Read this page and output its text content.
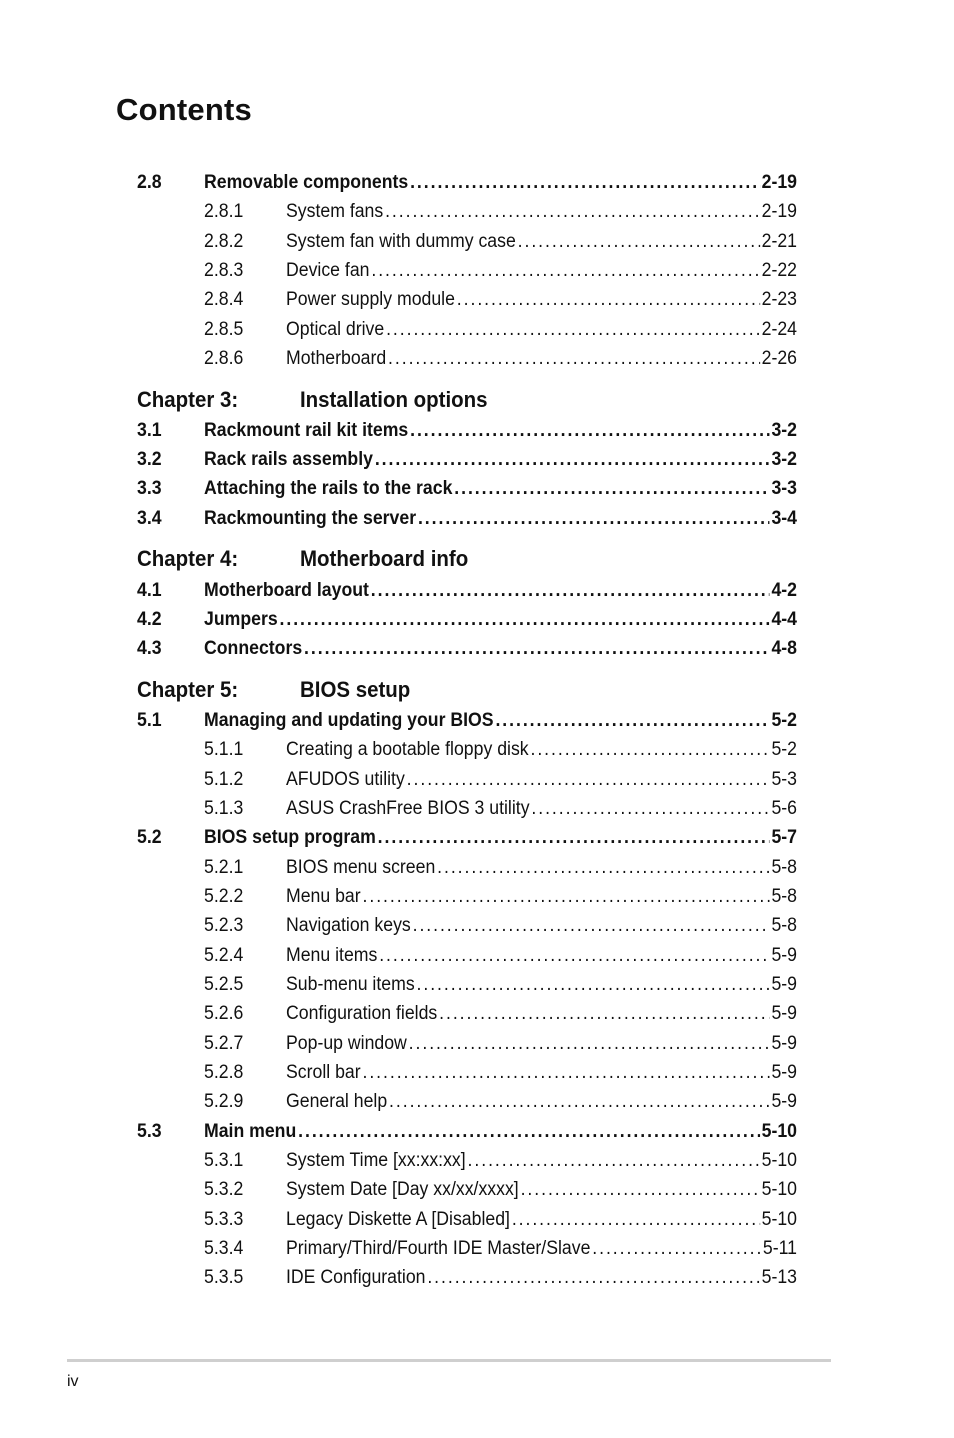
Contents
2.8	Removable components . . .	2-19
2.8.1	System fans . . .	2-19
2.8.2	System fan with dummy case . . .	2-21
2.8.3	Device fan . . .	2-22
2.8.4	Power supply module . . .	2-23
2.8.5	Optical drive . . .	2-24
2.8.6	Motherboard . . .	2-26
Chapter 3:	Installation options
3.1	Rackmount rail kit items . . .	3-2
3.2	Rack rails assembly . . .	3-2
3.3	Attaching the rails to the rack . . .	3-3
3.4	Rackmounting the server . . .	3-4
Chapter 4:	Motherboard info
4.1	Motherboard layout . . .	4-2
4.2	Jumpers . . .	4-4
4.3	Connectors . . .	4-8
Chapter 5:	BIOS setup
5.1	Managing and updating your BIOS . . .	5-2
5.1.1	Creating a bootable floppy disk . . .	5-2
5.1.2	AFUDOS utility . . .	5-3
5.1.3	ASUS CrashFree BIOS 3 utility . . .	5-6
5.2	BIOS setup program . . .	5-7
5.2.1	BIOS menu screen . . .	5-8
5.2.2	Menu bar . . .	5-8
5.2.3	Navigation keys . . .	5-8
5.2.4	Menu items . . .	5-9
5.2.5	Sub-menu items . . .	5-9
5.2.6	Configuration fields . . .	5-9
5.2.7	Pop-up window . . .	5-9
5.2.8	Scroll bar . . .	5-9
5.2.9	General help . . .	5-9
5.3	Main menu . . .	5-10
5.3.1	System Time [xx:xx:xx] . . .	5-10
5.3.2	System Date [Day xx/xx/xxxx] . . .	5-10
5.3.3	Legacy Diskette A [Disabled] . . .	5-10
5.3.4	Primary/Third/Fourth IDE Master/Slave . . .	5-11
5.3.5	IDE Configuration . . .	5-13
iv
